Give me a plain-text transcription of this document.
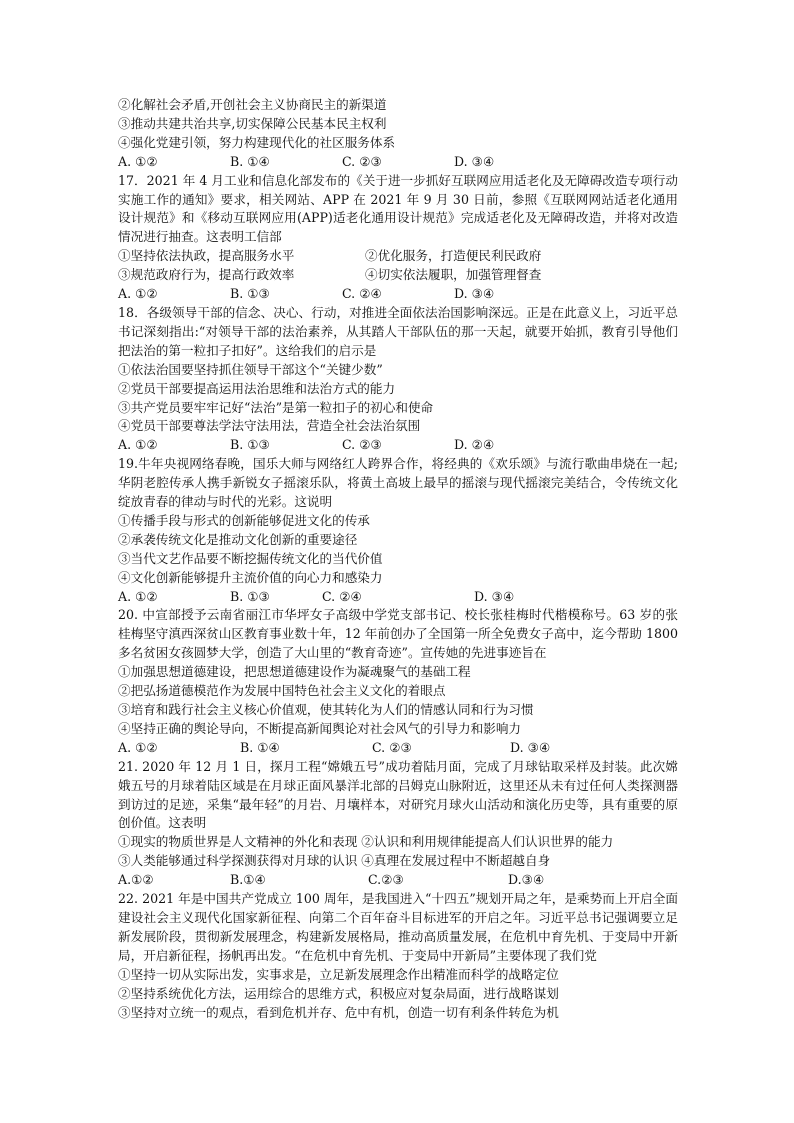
②化解社会矛盾,开创社会主义协商民主的新渠道
③推动共建共治共享,切实保障公民基本民主权利
④强化党建引领，努力构建现代化的社区服务体系
A. ①②	B. ①④	C. ②③	D. ③④
17．2021 年 4 月工业和信息化部发布的《关于进一步抓好互联网应用适老化及无障碍改造专项行动实施工作的通知》要求，相关网站、APP 在 2021 年 9 月 30 日前，参照《互联网网站适老化通用设计规范》和《移动互联网应用(APP)适老化通用设计规范》完成适老化及无障碍改造，并将对改造情况进行抽查。这表明工信部
①坚持依法执政，提高服务水平	②优化服务，打造便民利民政府
③规范政府行为，提高行政效率	④切实依法履职，加强管理督查
A. ①②	B. ①③	C. ②④	D. ③④
18．各级领导干部的信念、决心、行动，对推进全面依法治国影响深远。正是在此意义上，习近平总书记深刻指出:“对领导干部的法治素养，从其踏人干部队伍的那一天起，就要开始抓，教育引导他们把法治的第一粒扣子扣好”。这给我们的启示是
①依法治国要坚持抓住领导干部这个“关键少数”
②党员干部要提高运用法治思维和法治方式的能力
③共产党员要牢牢记好“法治”是第一粒扣子的初心和使命
④党员干部要尊法学法守法用法，营造全社会法治氛围
A. ①②	B. ①③	C. ②③	D. ②④
19.牛年央视网络春晚，国乐大师与网络红人跨界合作，将经典的《欢乐颂》与流行歌曲串烧在一起;华阴老腔传承人携手新锐女子摇滚乐队，将黄土高坡上最早的摇滚与现代摇滚完美结合，令传统文化绽放青春的律动与时代的光彩。这说明
①传播手段与形式的创新能够促进文化的传承
②承袭传统文化是推动文化创新的重要途径
③当代文艺作品要不断挖掘传统文化的当代价值
④文化创新能够提升主流价值的向心力和感染力
A. ①②	B. ①③	C. ②④	D. ③④
20. 中宣部授予云南省丽江市华坪女子高级中学党支部书记、校长张桂梅时代楷模称号。63 岁的张桂梅坚守滇西深贫山区教育事业数十年，12 年前创办了全国第一所全免费女子高中，迄今帮助 1800 多名贫困女孩圆梦大学，创造了大山里的“教育奇迹”。宣传她的先进事迹旨在
①加强思想道德建设，把思想道德建设作为凝魂聚气的基础工程
②把弘扬道德模范作为发展中国特色社会主义文化的着眼点
③培育和践行社会主义核心价值观，使其转化为人们的情感认同和行为习惯
④坚持正确的舆论导向，不断提高新闻舆论对社会风气的引导力和影响力
A. ①②	B. ①④	C. ②③	D. ③④
21. 2020 年 12 月 1 日，探月工程“嫦娥五号”成功着陆月面，完成了月球钻取采样及封装。此次嫦娥五号的月球着陆区域是在月球正面风暴洋北部的吕姆克山脉附近，这里还从未有过任何人类探测器到访过的足迹，采集“最年轻”的月岩、月壤样本，对研究月球火山活动和演化历史等，具有重要的原创价值。这表明
①现实的物质世界是人文精神的外化和表现 ②认识和利用规律能提高人们认识世界的能力
③人类能够通过科学探测获得对月球的认识 ④真理在发展过程中不断超越自身
A.①②	B.①④	C.②③	D.③④
22. 2021 年是中国共产党成立 100 周年，是我国进入“十四五”规划开局之年，是乘势而上开启全面建设社会主义现代化国家新征程、向第二个百年奋斗目标进军的开启之年。习近平总书记强调要立足新发展阶段，贯彻新发展理念，构建新发展格局，推动高质量发展，在危机中育先机、于变局中开新局，开启新征程，扬帆再出发。“在危机中育先机、于变局中开新局”主要体现了我们党
①坚持一切从实际出发，实事求是，立足新发展理念作出精准而科学的战略定位
②坚持系统优化方法，运用综合的思维方式，积极应对复杂局面，进行战略谋划
③坚持对立统一的观点，看到危机并存、危中有机，创造一切有利条件转危为机
